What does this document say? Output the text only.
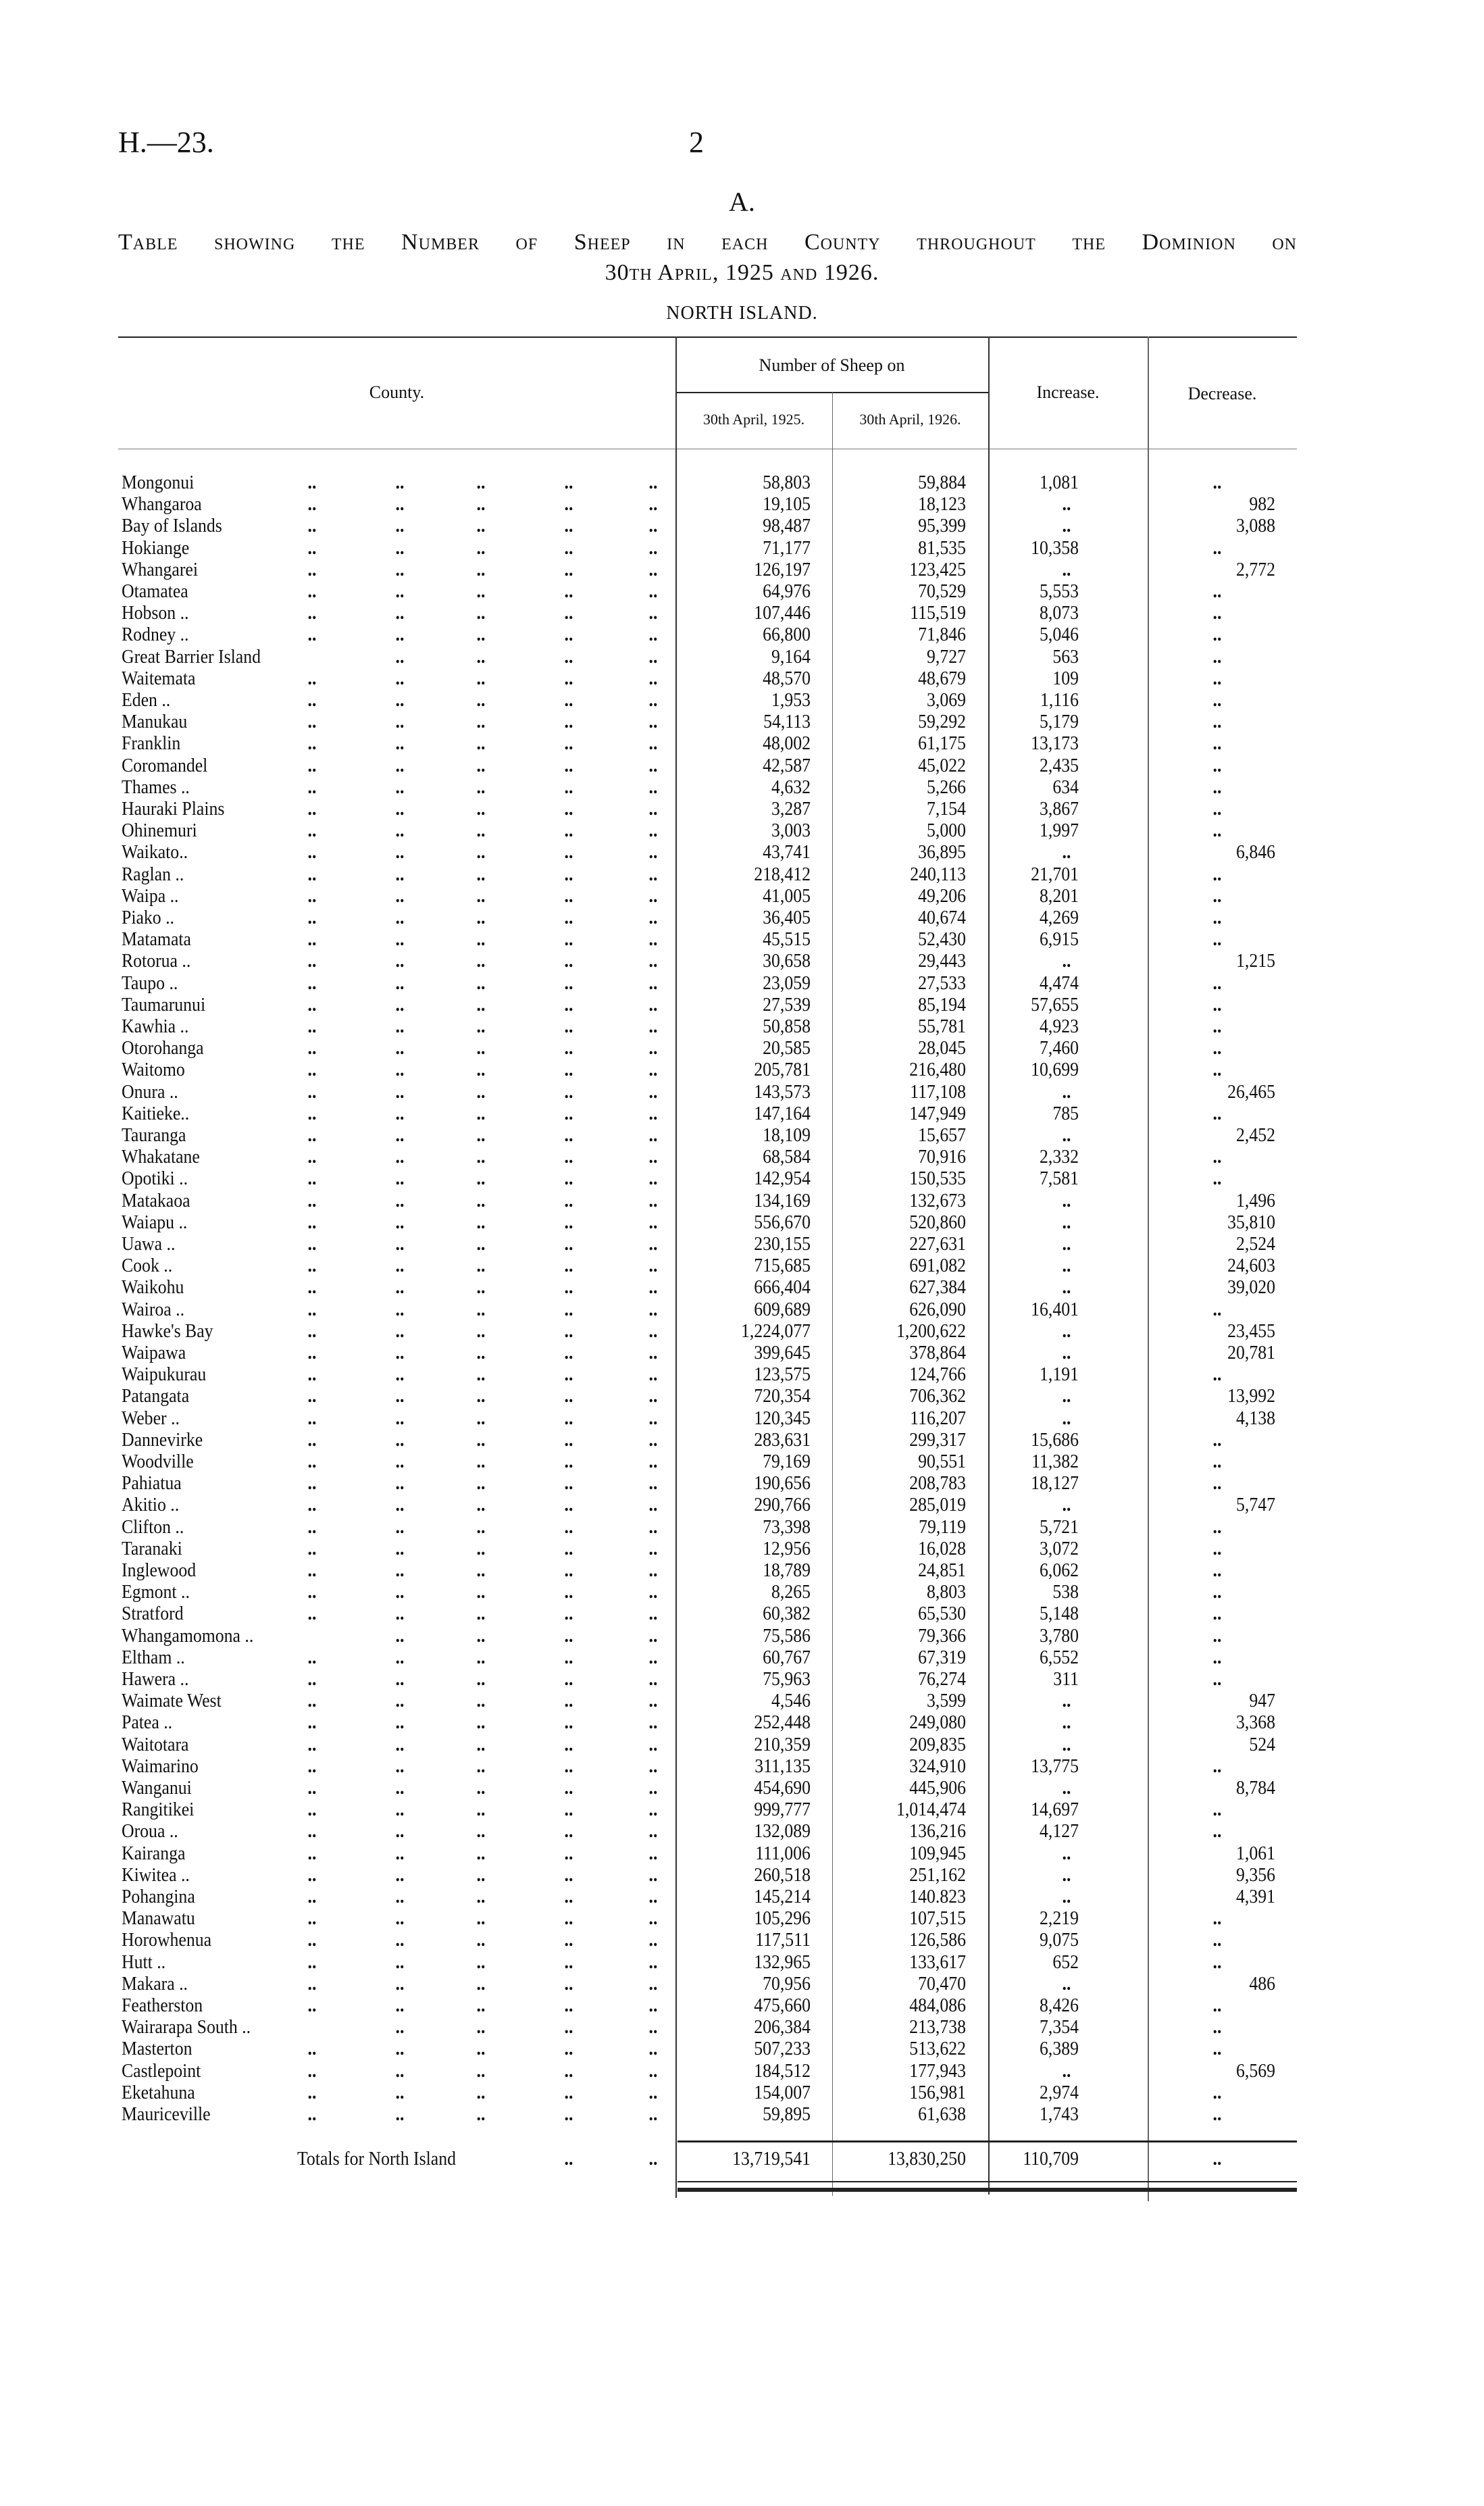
H.—23.	2
A.
Table showing the Number of Sheep in each County throughout the Dominion on
30th April, 1925 and 1926.
NORTH ISLAND.
County.
Number of Sheep on
30th April, 1925.	30th April, 1926.
Increase.	Decrease.
Mongonui	..	..	..	..	..	58,803	59,884	1,081	..
Whangaroa	..	..	..	..	..	19,105	18,123	..	982
Bay of Islands	..	..	..	..	..	98,487	95,399	..	3,088
Hokiange	..	..	..	..	..	71,177	81,535	10,358	..
Whangarei	..	..	..	..	..	126,197	123,425	..	2,772
Otamatea	..	..	..	..	..	64,976	70,529	5,553	..
Hobson ..	..	..	..	..	..	107,446	115,519	8,073	..
Rodney ..	..	..	..	..	..	66,800	71,846	5,046	..
Great Barrier Island	..	..	..	..	9,164	9,727	563	..
Waitemata	..	..	..	..	..	48,570	48,679	109	..
Eden ..	..	..	..	..	..	1,953	3,069	1,116	..
Manukau	..	..	..	..	..	54,113	59,292	5,179	..
Franklin	..	..	..	..	..	48,002	61,175	13,173	..
Coromandel	..	..	..	..	..	42,587	45,022	2,435	..
Thames ..	..	..	..	..	..	4,632	5,266	634	..
Hauraki Plains	..	..	..	..	..	3,287	7,154	3,867	..
Ohinemuri	..	..	..	..	..	3,003	5,000	1,997	..
Waikato..	..	..	..	..	..	43,741	36,895	..	6,846
Raglan ..	..	..	..	..	..	218,412	240,113	21,701	..
Waipa ..	..	..	..	..	..	41,005	49,206	8,201	..
Piako ..	..	..	..	..	..	36,405	40,674	4,269	..
Matamata	..	..	..	..	..	45,515	52,430	6,915	..
Rotorua ..	..	..	..	..	..	30,658	29,443	..	1,215
Taupo ..	..	..	..	..	..	23,059	27,533	4,474	..
Taumarunui	..	..	..	..	..	27,539	85,194	57,655	..
Kawhia ..	..	..	..	..	..	50,858	55,781	4,923	..
Otorohanga	..	..	..	..	..	20,585	28,045	7,460	..
Waitomo	..	..	..	..	..	205,781	216,480	10,699	..
Onura ..	..	..	..	..	..	143,573	117,108	..	26,465
Kaitieke..	..	..	..	..	..	147,164	147,949	785	..
Tauranga	..	..	..	..	..	18,109	15,657	..	2,452
Whakatane	..	..	..	..	..	68,584	70,916	2,332	..
Opotiki ..	..	..	..	..	..	142,954	150,535	7,581	..
Matakaoa	..	..	..	..	..	134,169	132,673	..	1,496
Waiapu ..	..	..	..	..	..	556,670	520,860	..	35,810
Uawa ..	..	..	..	..	..	230,155	227,631	..	2,524
Cook ..	..	..	..	..	..	715,685	691,082	..	24,603
Waikohu	..	..	..	..	..	666,404	627,384	..	39,020
Wairoa ..	..	..	..	..	..	609,689	626,090	16,401	..
Hawke's Bay	..	..	..	..	..	1,224,077	1,200,622	..	23,455
Waipawa	..	..	..	..	..	399,645	378,864	..	20,781
Waipukurau	..	..	..	..	..	123,575	124,766	1,191	..
Patangata	..	..	..	..	..	720,354	706,362	..	13,992
Weber ..	..	..	..	..	..	120,345	116,207	..	4,138
Dannevirke	..	..	..	..	..	283,631	299,317	15,686	..
Woodville	..	..	..	..	..	79,169	90,551	11,382	..
Pahiatua	..	..	..	..	..	190,656	208,783	18,127	..
Akitio ..	..	..	..	..	..	290,766	285,019	..	5,747
Clifton ..	..	..	..	..	..	73,398	79,119	5,721	..
Taranaki	..	..	..	..	..	12,956	16,028	3,072	..
Inglewood	..	..	..	..	..	18,789	24,851	6,062	..
Egmont ..	..	..	..	..	..	8,265	8,803	538	..
Stratford	..	..	..	..	..	60,382	65,530	5,148	..
Whangamomona ..	..	..	..	..	75,586	79,366	3,780	..
Eltham ..	..	..	..	..	..	60,767	67,319	6,552	..
Hawera ..	..	..	..	..	..	75,963	76,274	311	..
Waimate West	..	..	..	..	..	4,546	3,599	..	947
Patea ..	..	..	..	..	..	252,448	249,080	..	3,368
Waitotara	..	..	..	..	..	210,359	209,835	..	524
Waimarino	..	..	..	..	..	311,135	324,910	13,775	..
Wanganui	..	..	..	..	..	454,690	445,906	..	8,784
Rangitikei	..	..	..	..	..	999,777	1,014,474	14,697	..
Oroua ..	..	..	..	..	..	132,089	136,216	4,127	..
Kairanga	..	..	..	..	..	111,006	109,945	..	1,061
Kiwitea ..	..	..	..	..	..	260,518	251,162	..	9,356
Pohangina	..	..	..	..	..	145,214	140.823	..	4,391
Manawatu	..	..	..	..	..	105,296	107,515	2,219	..
Horowhenua	..	..	..	..	..	117,511	126,586	9,075	..
Hutt ..	..	..	..	..	..	132,965	133,617	652	..
Makara ..	..	..	..	..	..	70,956	70,470	..	486
Featherston	..	..	..	..	..	475,660	484,086	8,426	..
Wairarapa South ..	..	..	..	..	206,384	213,738	7,354	..
Masterton	..	..	..	..	..	507,233	513,622	6,389	..
Castlepoint	..	..	..	..	..	184,512	177,943	..	6,569
Eketahuna	..	..	..	..	..	154,007	156,981	2,974	..
Mauriceville	..	..	..	..	..	59,895	61,638	1,743	..
Totals for North Island	..	..	13,719,541	13,830,250	110,709	..
